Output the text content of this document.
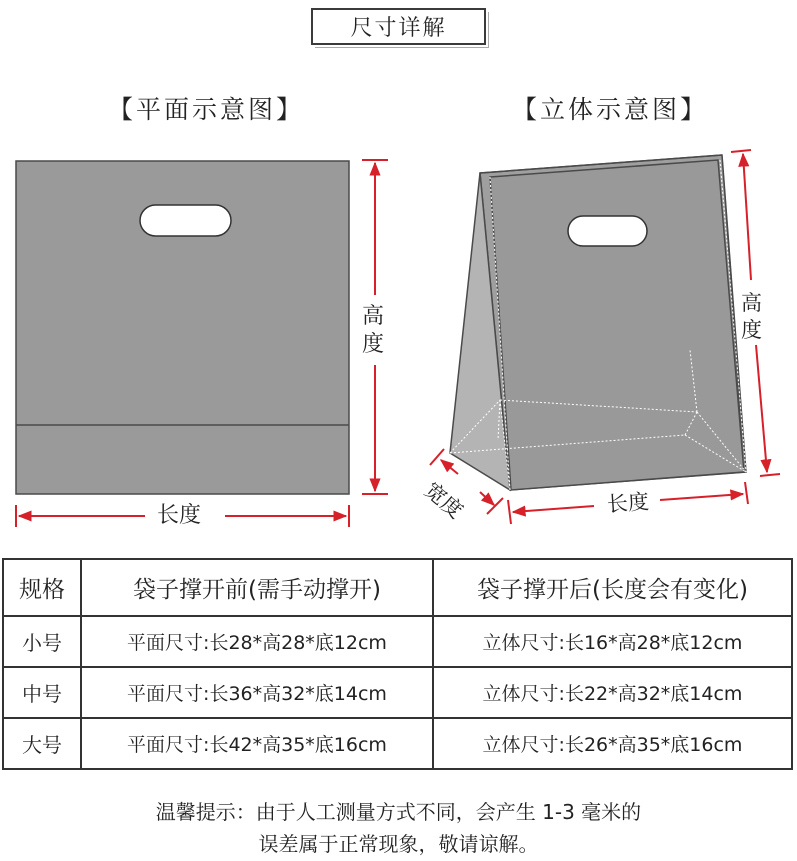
尺寸详解
【平面示意图】	【立体示意图】
高
度
长度
高
度
宽度	长度
规格	袋子撑开前(需手动撑开)	袋子撑开后(长度会有变化)
小号	平面尺寸:长28*高28*底12cm	立体尺寸:长16*高28*底12cm
中号	平面尺寸:长36*高32*底14cm	立体尺寸:长22*高32*底14cm
大号	平面尺寸:长42*高35*底16cm	立体尺寸:长26*高35*底16cm
温馨提示：由于人工测量方式不同，会产生 1-3 毫米的
误差属于正常现象，敬请谅解。
